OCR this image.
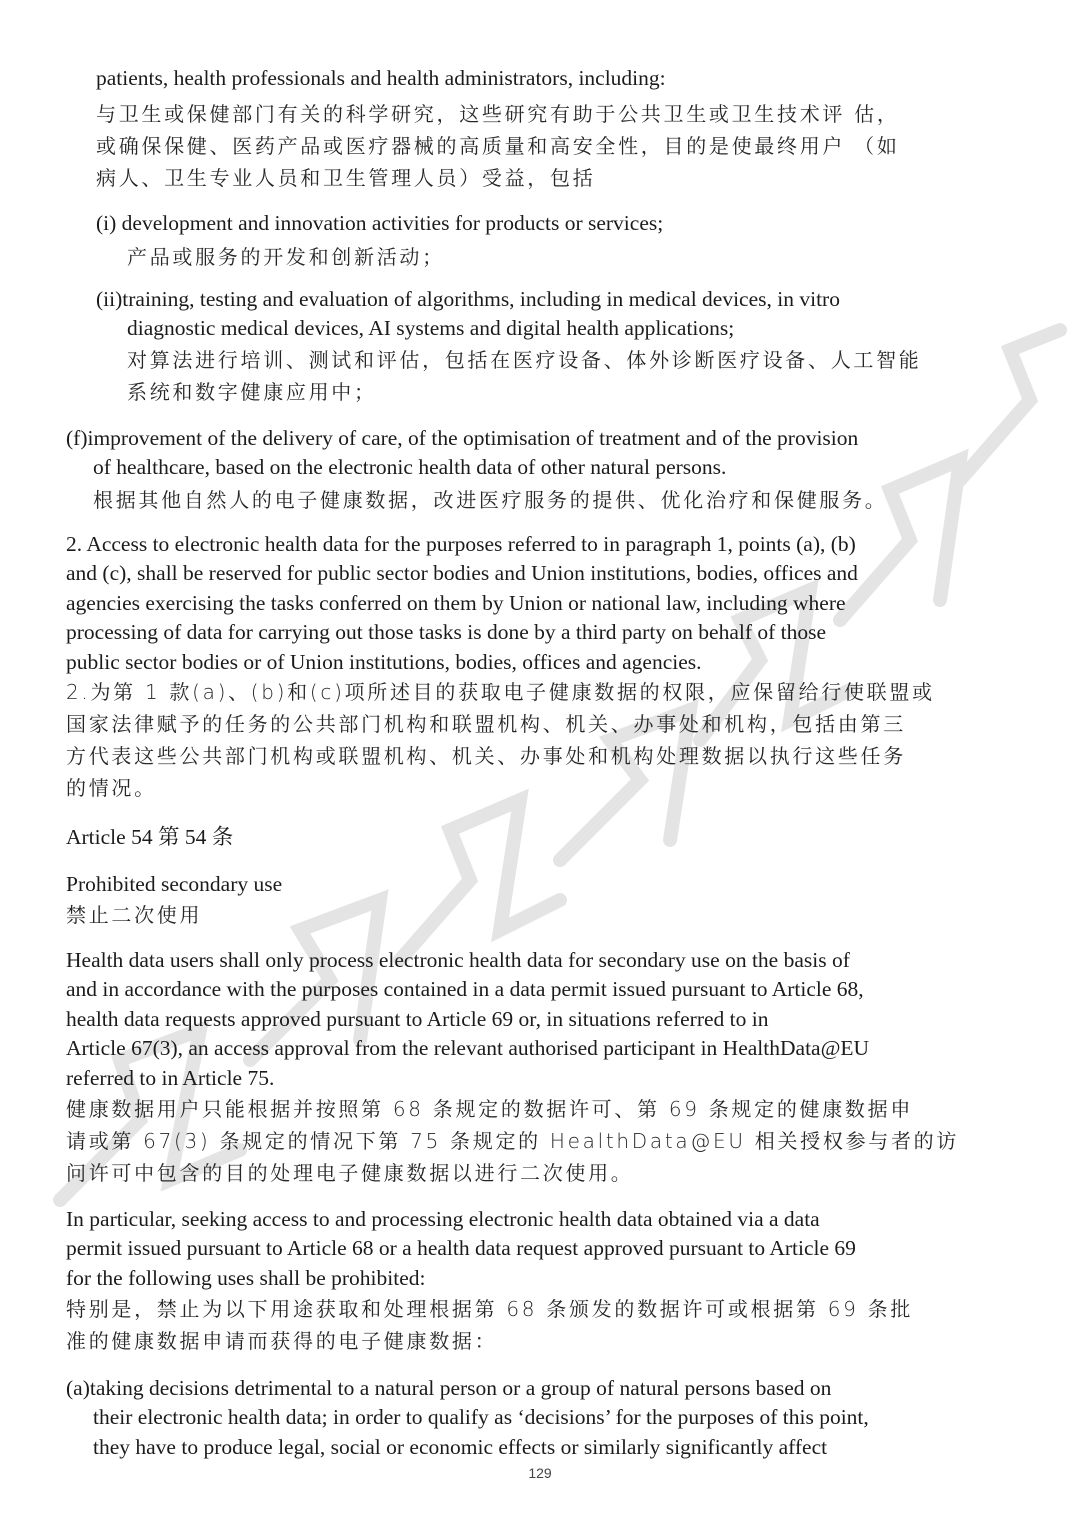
patients, health professionals and health administrators, including:
与卫生或保健部门有关的科学研究，这些研究有助于公共卫生或卫生技术评 估，
或确保保健、医药产品或医疗器械的高质量和高安全性，目的是使最终用户 （如
病人、卫生专业人员和卫生管理人员）受益，包括
(i) development and innovation activities for products or services;
产品或服务的开发和创新活动；
(ii)training, testing and evaluation of algorithms, including in medical devices, in vitro
diagnostic medical devices, AI systems and digital health applications;
对算法进行培训、测试和评估，包括在医疗设备、体外诊断医疗设备、人工智能
系统和数字健康应用中；
(f)improvement of the delivery of care, of the optimisation of treatment and of the provision
of healthcare, based on the electronic health data of other natural persons.
根据其他自然人的电子健康数据，改进医疗服务的提供、优化治疗和保健服务。
2. Access to electronic health data for the purposes referred to in paragraph 1, points (a), (b)
and (c), shall be reserved for public sector bodies and Union institutions, bodies, offices and
agencies exercising the tasks conferred on them by Union or national law, including where
processing of data for carrying out those tasks is done by a third party on behalf of those
public sector bodies or of Union institutions, bodies, offices and agencies.
2.为第 1 款(a)、(b)和(c)项所述目的获取电子健康数据的权限，应保留给行使联盟或
国家法律赋予的任务的公共部门机构和联盟机构、机关、办事处和机构，包括由第三
方代表这些公共部门机构或联盟机构、机关、办事处和机构处理数据以执行这些任务
的情况。
Article 54 第 54 条
Prohibited secondary use
禁止二次使用
Health data users shall only process electronic health data for secondary use on the basis of
and in accordance with the purposes contained in a data permit issued pursuant to Article 68,
health data requests approved pursuant to Article 69 or, in situations referred to in
Article 67(3), an access approval from the relevant authorised participant in HealthData@EU
referred to in Article 75.
健康数据用户只能根据并按照第 68 条规定的数据许可、第 69 条规定的健康数据申
请或第 67(3) 条规定的情况下第 75 条规定的 HealthData@EU 相关授权参与者的访
问许可中包含的目的处理电子健康数据以进行二次使用。
In particular, seeking access to and processing electronic health data obtained via a data
permit issued pursuant to Article 68 or a health data request approved pursuant to Article 69
for the following uses shall be prohibited:
特别是，禁止为以下用途获取和处理根据第 68 条颁发的数据许可或根据第 69 条批
准的健康数据申请而获得的电子健康数据：
(a)taking decisions detrimental to a natural person or a group of natural persons based on
their electronic health data; in order to qualify as ‘decisions’ for the purposes of this point,
they have to produce legal, social or economic effects or similarly significantly affect
129
